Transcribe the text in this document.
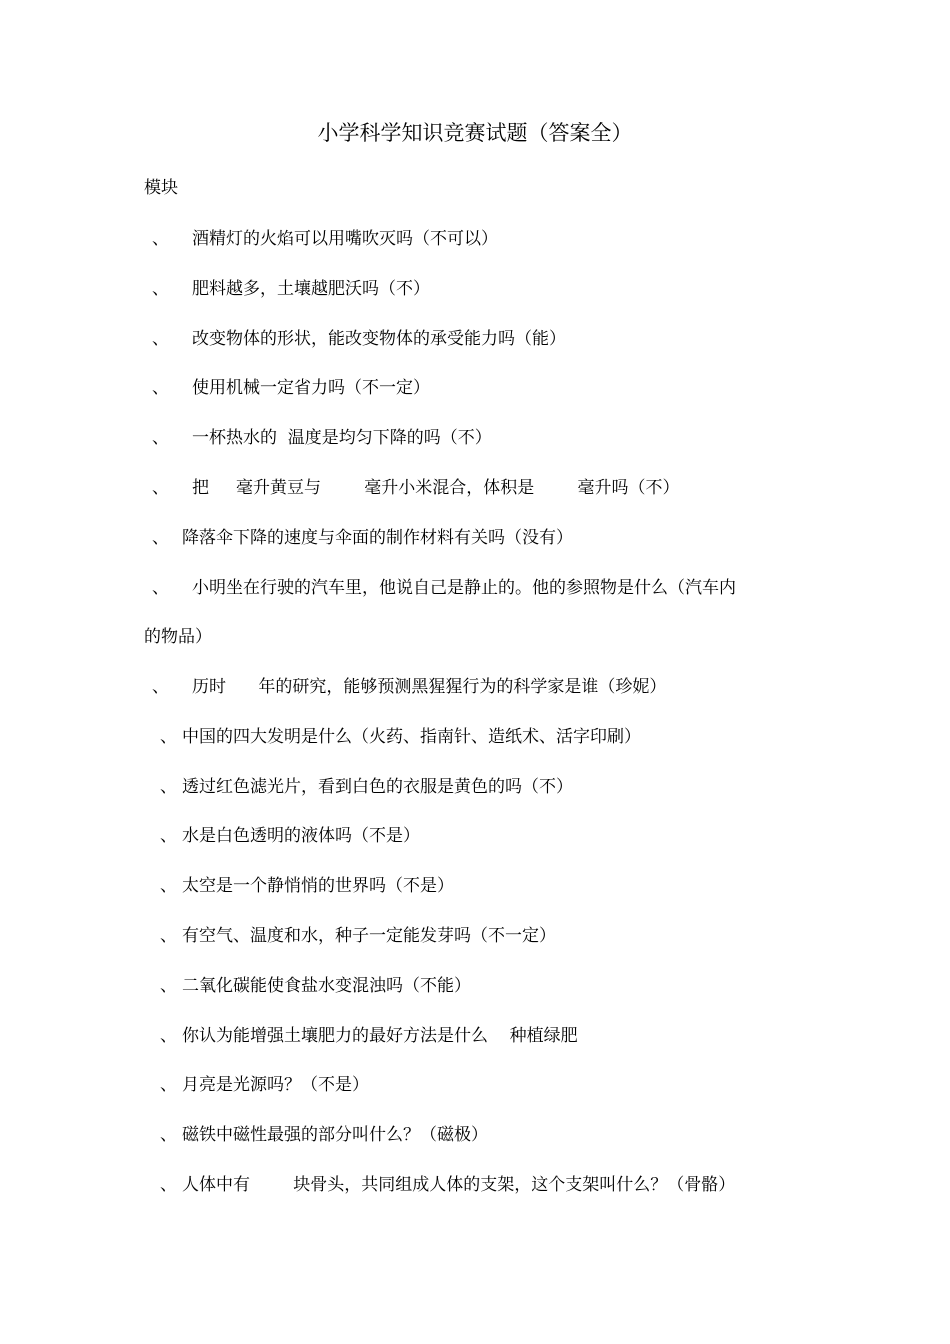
小学科学知识竞赛试题（答案全）
模块
、 酒精灯的火焰可以用嘴吹灭吗（不可以）
、 肥料越多，土壤越肥沃吗（不）
、 改变物体的形状，能改变物体的承受能力吗（能）
、 使用机械一定省力吗（不一定）
、 一杯热水的  温度是均匀下降的吗（不）
、 把     毫升黄豆与        毫升小米混合，体积是        毫升吗（不）
、 降落伞下降的速度与伞面的制作材料有关吗（没有）
、 小明坐在行驶的汽车里，他说自己是静止的。他的参照物是什么（汽车内
的物品）
、 历时      年的研究，能够预测黑猩猩行为的科学家是谁（珍妮）
、 中国的四大发明是什么（火药、指南针、造纸术、活字印刷）
、 透过红色滤光片，看到白色的衣服是黄色的吗（不）
、 水是白色透明的液体吗（不是）
、 太空是一个静悄悄的世界吗（不是）
、 有空气、温度和水，种子一定能发芽吗（不一定）
、 二氧化碳能使食盐水变混浊吗（不能）
、 你认为能增强土壤肥力的最好方法是什么    种植绿肥
、 月亮是光源吗？（不是）
、 磁铁中磁性最强的部分叫什么？（磁极）
、 人体中有        块骨头，共同组成人体的支架，这个支架叫什么？（骨骼）
